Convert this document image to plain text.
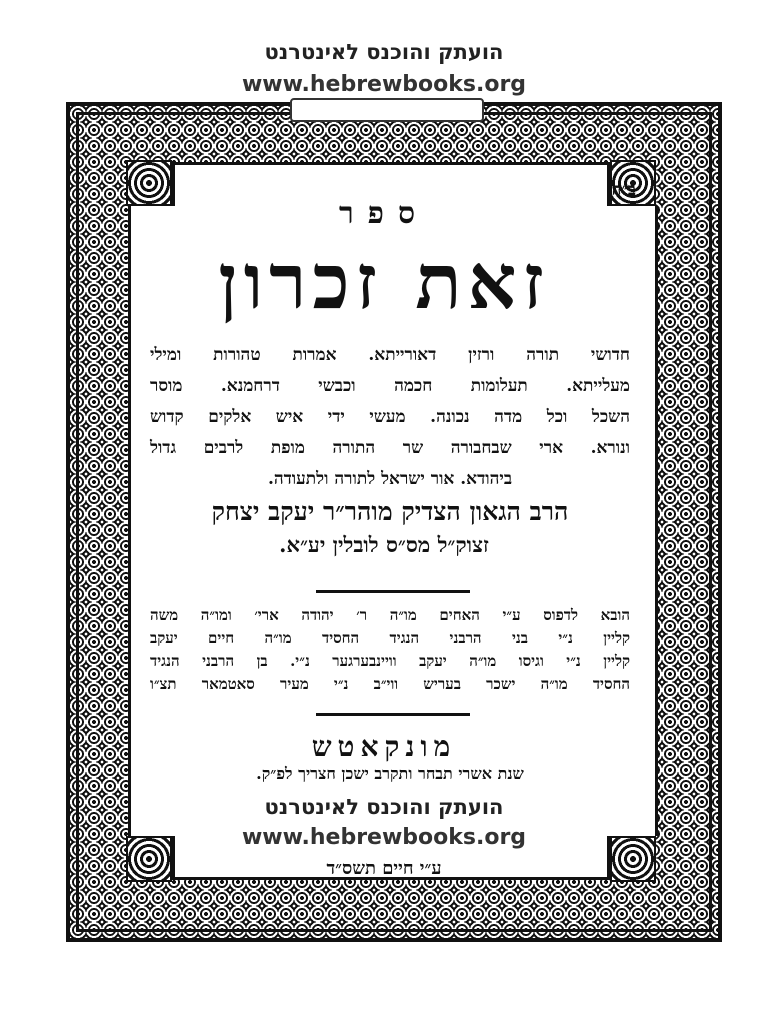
הועתק והוכנס לאינטרנט
www.hebrewbooks.org
ב״ה
ספר
זאת זכרון
חדושי תורה ורזין דאורייתא. אמרות טהורות ומילי
מעלייתא. תעלומות חכמה וכבשי דרחמנא. מוסר
השכל וכל מדה נכונה. מעשי ידי איש אלקים קדוש
ונורא. ארי שבחבורה שר התורה מופת לרבים גדול
ביהודא. אור ישראל לתורה ולתעודה.
הרב הגאון הצדיק מוהר״ר יעקב יצחק
זצוק״ל מס״ס לובלין יע״א.
הובא לדפוס ע״י האחים מו״ה ר׳ יהודה ארי׳ ומו״ה משה
קליין נ״י בני הרבני הנגיד החסיד מו״ה חיים יעקב
קליין נ״י וגיסו מו״ה יעקב וויינבערגער נ״י. בן הרבני הנגיד
החסיד מו״ה ישכר בעריש ווי״ב נ״י מעיר סאטמאר תצ״ו
מונקאטש
שנת אשרי תבחר ותקרב ישכן חצריך לפ״ק.
הועתק והוכנס לאינטרנט
www.hebrewbooks.org
ע״י חיים תשס״ד
